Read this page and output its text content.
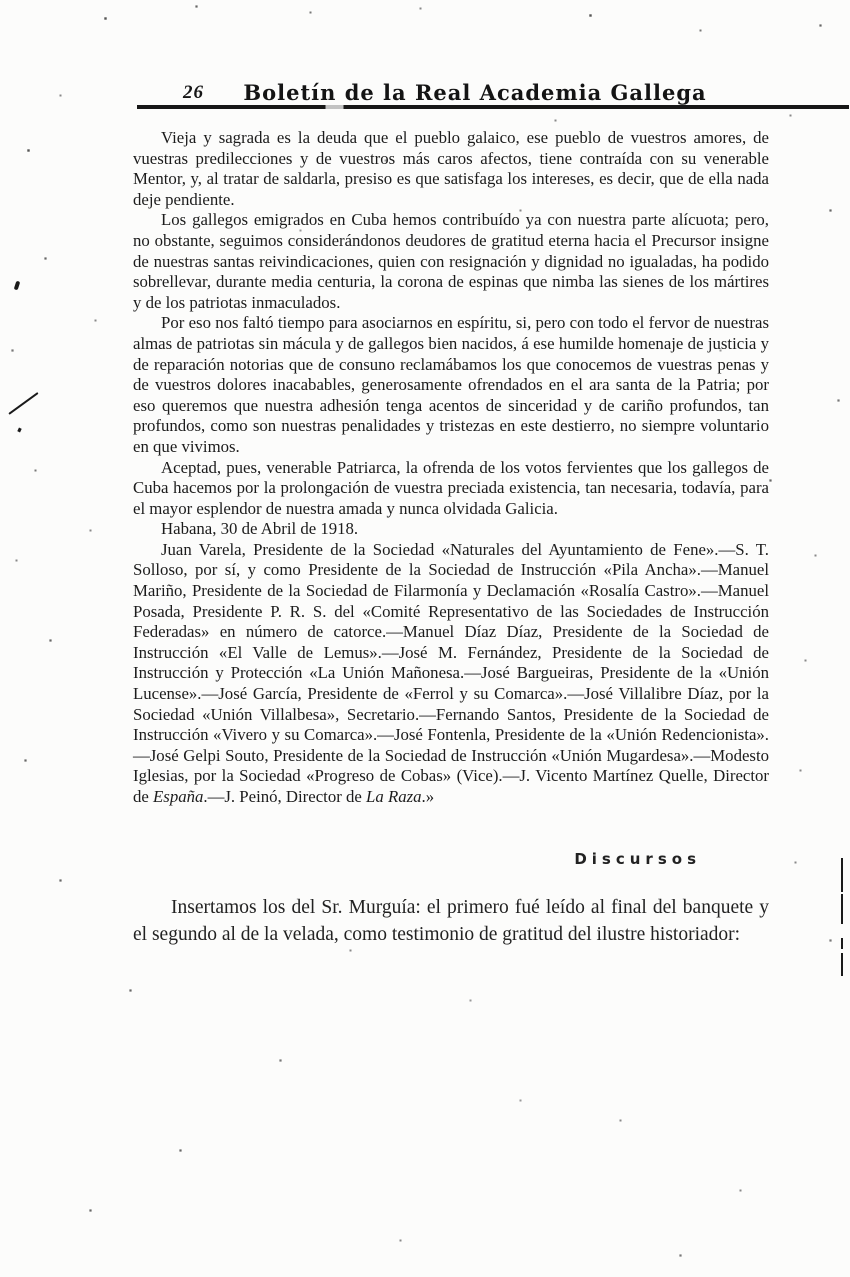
26 Boletín de la Real Academia Gallega

Vieja y sagrada es la deuda que el pueblo galaico, ese pueblo de vuestros amores, de vuestras predilecciones y de vuestros más caros afectos, tiene contraída con su venerable Mentor, y, al tratar de saldarla, presiso es que satisfaga los intereses, es decir, que de ella nada deje pendiente.

Los gallegos emigrados en Cuba hemos contribuído ya con nuestra parte alícuota; pero, no obstante, seguimos considerándonos deudores de gratitud eterna hacia el Precursor insigne de nuestras santas reivindicaciones, quien con resignación y dignidad no igualadas, ha podido sobrellevar, durante media centuria, la corona de espinas que nimba las sienes de los mártires y de los patriotas inmaculados.

Por eso nos faltó tiempo para asociarnos en espíritu, si, pero con todo el fervor de nuestras almas de patriotas sin mácula y de gallegos bien nacidos, á ese humilde homenaje de justicia y de reparación notorias que de consuno reclamábamos los que conocemos de vuestras penas y de vuestros dolores inacabables, generosamente ofrendados en el ara santa de la Patria; por eso queremos que nuestra adhesión tenga acentos de sinceridad y de cariño profundos, tan profundos, como son nuestras penalidades y tristezas en este destierro, no siempre voluntario en que vivimos.

Aceptad, pues, venerable Patriarca, la ofrenda de los votos fervientes que los gallegos de Cuba hacemos por la prolongación de vuestra preciada existencia, tan necesaria, todavía, para el mayor esplendor de nuestra amada y nunca olvidada Galicia.

Habana, 30 de Abril de 1918.

Juan Varela, Presidente de la Sociedad «Naturales del Ayuntamiento de Fene».—S. T. Solloso, por sí, y como Presidente de la Sociedad de Instrucción «Pila Ancha».—Manuel Mariño, Presidente de la Sociedad de Filarmonía y Declamación «Rosalía Castro».—Manuel Posada, Presidente P. R. S. del «Comité Representativo de las Sociedades de Instrucción Federadas» en número de catorce.—Manuel Díaz Díaz, Presidente de la Sociedad de Instrucción «El Valle de Lemus».—José M. Fernández, Presidente de la Sociedad de Instrucción y Protección «La Unión Mañonesa.—José Bargueiras, Presidente de la «Unión Lucense».—José García, Presidente de «Ferrol y su Comarca».—José Villalibre Díaz, por la Sociedad «Unión Villalbesa», Secretario.—Fernando Santos, Presidente de la Sociedad de Instrucción «Vivero y su Comarca».—José Fontenla, Presidente de la «Unión Redencionista».—José Gelpi Souto, Presidente de la Sociedad de Instrucción «Unión Mugardesa».—Modesto Iglesias, por la Sociedad «Progreso de Cobas» (Vice).—J. Vicento Martínez Quelle, Director de España.—J. Peinó, Director de La Raza.»

Discursos

Insertamos los del Sr. Murguía: el primero fué leído al final del banquete y el segundo al de la velada, como testimonio de gratitud del ilustre historiador:
